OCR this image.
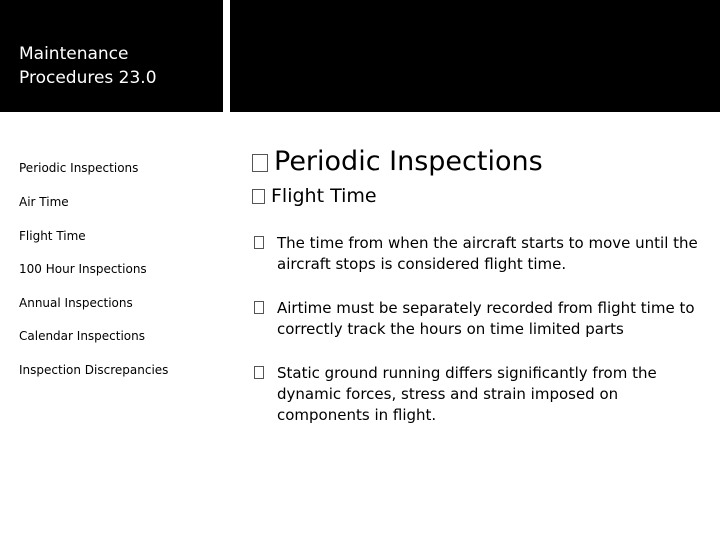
Maintenance Procedures 23.0
Periodic Inspections
Air Time
Flight Time
100 Hour Inspections
Annual Inspections
Calendar Inspections
Inspection Discrepancies
Periodic Inspections
Flight Time
The time from when the aircraft starts to move until the aircraft stops is considered flight time.
Airtime must be separately recorded from flight time to correctly track the hours on time limited parts
Static ground running differs significantly from the dynamic forces, stress and strain imposed on components in flight.
